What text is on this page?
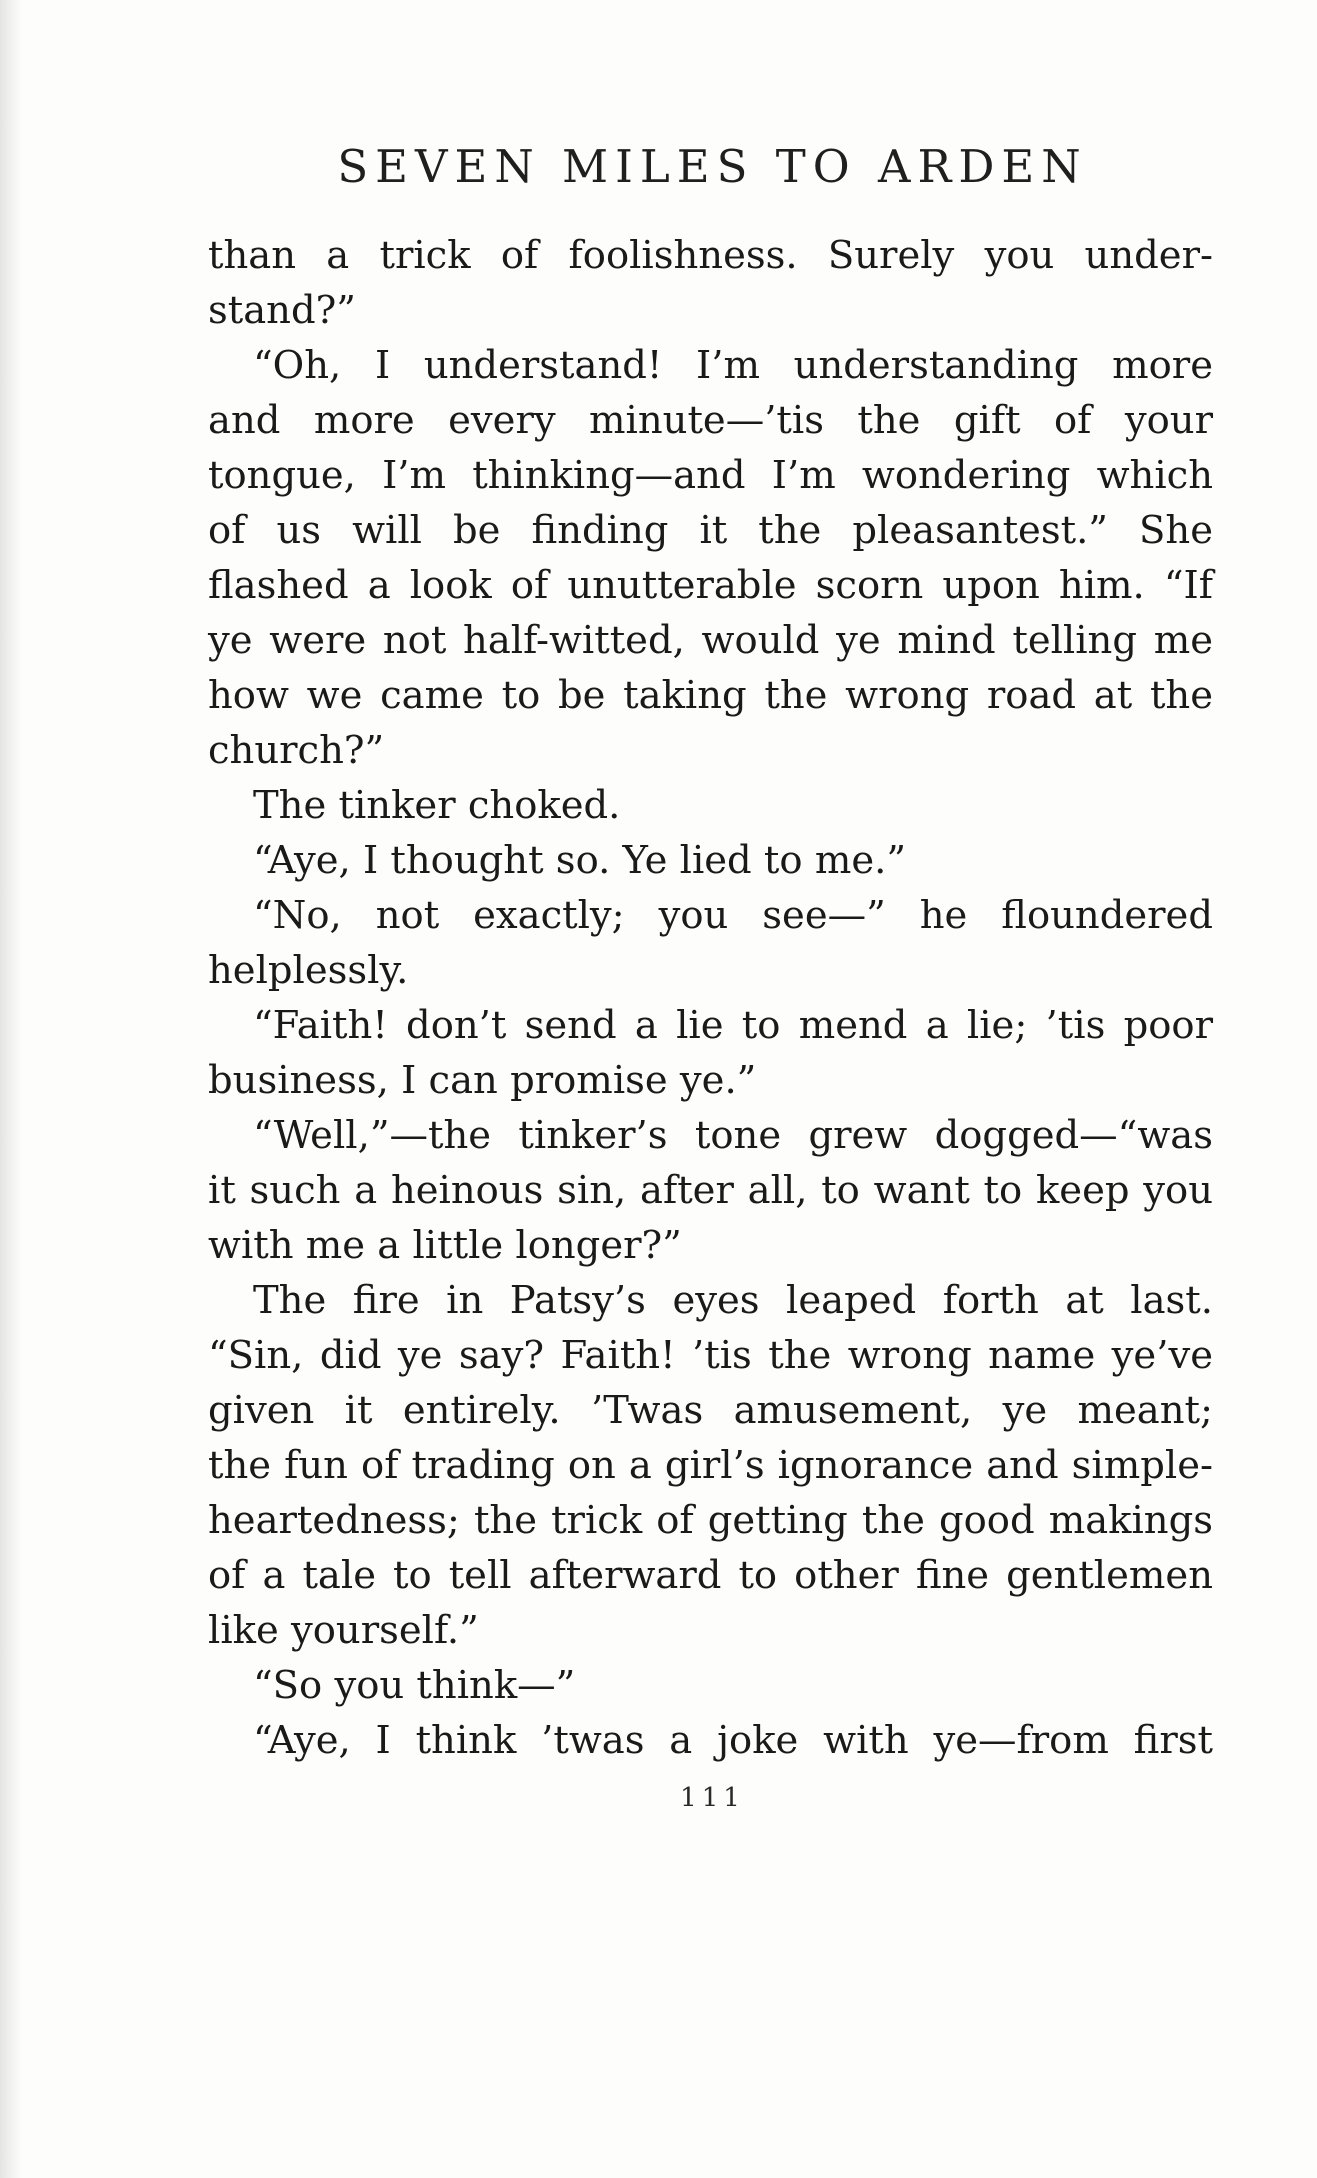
SEVEN MILES TO ARDEN
than a trick of foolishness. Surely you under-
stand?”
“Oh, I understand! I’m understanding more
and more every minute—’tis the gift of your
tongue, I’m thinking—and I’m wondering which
of us will be finding it the pleasantest.” She
flashed a look of unutterable scorn upon him. “If
ye were not half-witted, would ye mind telling me
how we came to be taking the wrong road at the
church?”
The tinker choked.
“Aye, I thought so. Ye lied to me.”
“No, not exactly; you see—” he floundered
helplessly.
“Faith! don’t send a lie to mend a lie; ’tis poor
business, I can promise ye.”
“Well,”—the tinker’s tone grew dogged—“was
it such a heinous sin, after all, to want to keep you
with me a little longer?”
The fire in Patsy’s eyes leaped forth at last.
“Sin, did ye say? Faith! ’tis the wrong name ye’ve
given it entirely. ’Twas amusement, ye meant;
the fun of trading on a girl’s ignorance and simple-
heartedness; the trick of getting the good makings
of a tale to tell afterward to other fine gentlemen
like yourself.”
“So you think—”
“Aye, I think ’twas a joke with ye—from first
111
